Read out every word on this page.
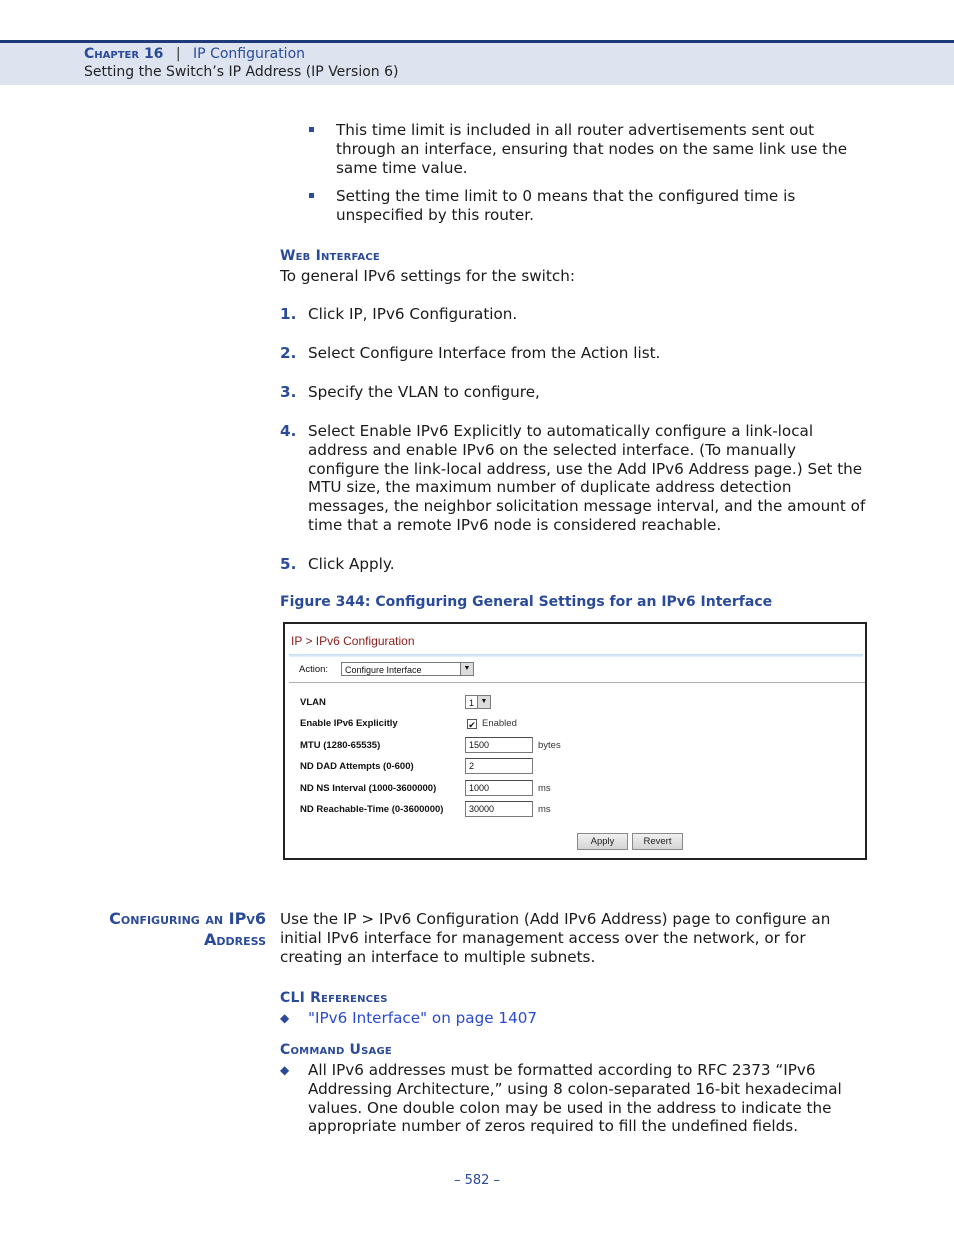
Chapter 16 | IP Configuration
Setting the Switch’s IP Address (IP Version 6)
This time limit is included in all router advertisements sent out through an interface, ensuring that nodes on the same link use the same time value.
Setting the time limit to 0 means that the configured time is unspecified by this router.
Web Interface
To general IPv6 settings for the switch:
1. Click IP, IPv6 Configuration.
2. Select Configure Interface from the Action list.
3. Specify the VLAN to configure,
4. Select Enable IPv6 Explicitly to automatically configure a link-local address and enable IPv6 on the selected interface. (To manually configure the link-local address, use the Add IPv6 Address page.) Set the MTU size, the maximum number of duplicate address detection messages, the neighbor solicitation message interval, and the amount of time that a remote IPv6 node is considered reachable.
5. Click Apply.
Figure 344: Configuring General Settings for an IPv6 Interface
IP > IPv6 Configuration
Action:	Configure Interface	▼
VLAN	1 ▼
Enable IPv6 Explicitly	✔ Enabled
MTU (1280-65535)	1500	bytes
ND DAD Attempts (0-600)	2
ND NS Interval (1000-3600000)	1000	ms
ND Reachable-Time (0-3600000)	30000	ms
Apply	Revert
Configuring an IPv6
Address
Use the IP > IPv6 Configuration (Add IPv6 Address) page to configure an initial IPv6 interface for management access over the network, or for creating an interface to multiple subnets.
CLI References
◆ "IPv6 Interface" on page 1407
Command Usage
◆ All IPv6 addresses must be formatted according to RFC 2373 “IPv6 Addressing Architecture,” using 8 colon-separated 16-bit hexadecimal values. One double colon may be used in the address to indicate the appropriate number of zeros required to fill the undefined fields.
– 582 –
